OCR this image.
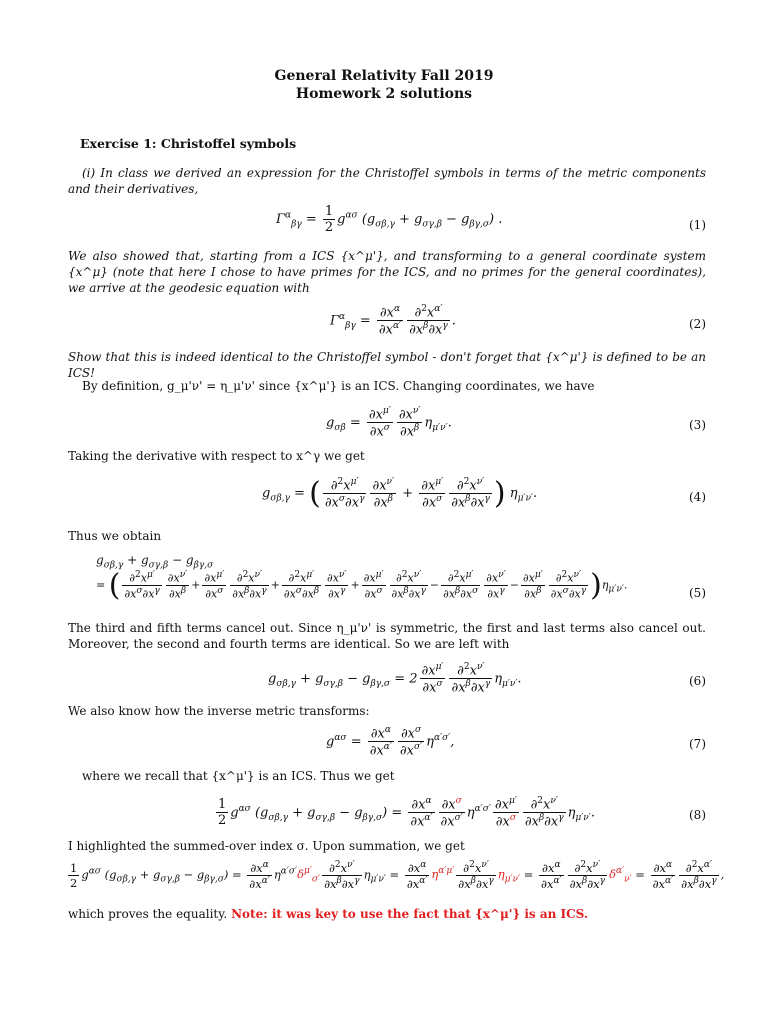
General Relativity Fall 2019
Homework 2 solutions
Exercise 1: Christoffel symbols
(i) In class we derived an expression for the Christoffel symbols in terms of the metric components and their derivatives,
$\Gamma^\alpha_{\beta\gamma} = \frac{1}{2} g^{\alpha\sigma}$ $(g_{\sigma\beta,\gamma} + g_{\sigma\gamma,\beta} - g_{\beta\gamma,\sigma})$ .	(1)
We also showed that, starting from a ICS {x^μ'}, and transforming to a general coordinate system {x^μ} (note that here I chose to have primes for the ICS, and no primes for the general coordinates), we arrive at the geodesic equation with
$\Gamma^\alpha_{\beta\gamma} = \frac{\partial x^\alpha}{\partial x^{\alpha'}} \frac{\partial^2x^{\alpha'}}{\partial x^\beta\partial x^\gamma}$ .	(2)
Show that this is indeed identical to the Christoffel symbol - don't forget that {x^μ'} is defined to be an ICS!
By definition, g_μ'ν' = η_μ'ν' since {x^μ'} is an ICS. Changing coordinates, we have
$g_{\sigma\beta} = \frac{\partial x^{\mu'}}{\partial x^\sigma} \frac{\partial x^{\nu'}}{\partial x^\beta} \eta_{\mu'\nu'}$.	(3)
Taking the derivative with respect to x^γ we get
$g_{\sigma\beta,\gamma}$ = ( $\frac{\partial^2x^{\mu'}}{\partial x^\sigma\partial x^\gamma} \frac{\partial x^{\nu'}}{\partial x^\beta} + \frac{\partial x^{\mu'}}{\partial x^\sigma} \frac{\partial^2x^{\nu'}}{\partial x^\beta\partial x^\gamma}$ ) $\eta_{\mu'\nu'}$.	(4)
Thus we obtain
$g_{\sigma\beta,\gamma} + g_{\sigma\gamma,\beta} - g_{\beta\gamma,\sigma}$
= ( $\frac{\partial^2x^{\mu'}}{\partial x^\sigma\partial x^\gamma} \frac{\partial x^{\nu'}}{\partial x^\beta} + \frac{\partial x^{\mu'}}{\partial x^\sigma} \frac{\partial^2x^{\nu'}}{\partial x^\beta\partial x^\gamma} + \frac{\partial^2x^{\mu'}}{\partial x^\sigma\partial x^\beta} \frac{\partial x^{\nu'}}{\partial x^\gamma} + \frac{\partial x^{\mu'}}{\partial x^\sigma} \frac{\partial^2x^{\nu'}}{\partial x^\beta\partial x^\gamma} - \frac{\partial^2x^{\mu'}}{\partial x^\beta\partial x^\sigma} \frac{\partial x^{\nu'}}{\partial x^\gamma} - \frac{\partial x^{\mu'}}{\partial x^\beta} \frac{\partial^2x^{\nu'}}{\partial x^\sigma\partial x^\gamma} )\eta_{\mu'\nu'}$.
(5)
The third and fifth terms cancel out. Since η_μ'ν' is symmetric, the first and last terms also cancel out. Moreover, the second and fourth terms are identical. So we are left with
$g_{\sigma\beta,\gamma} + g_{\sigma\gamma,\beta} - g_{\beta\gamma,\sigma} = 2 \frac{\partial x^{\mu'}}{\partial x^\sigma} \frac{\partial^2x^{\nu'}}{\partial x^\beta\partial x^\gamma} \eta_{\mu'\nu'}$.	(6)
We also know how the inverse metric transforms:
$g^{\alpha\sigma} = \frac{\partial x^\alpha}{\partial x^{\alpha'}} \frac{\partial x^\sigma}{\partial x^{\sigma'}} \eta^{\alpha'\sigma'}$,	(7)
where we recall that {x^μ'} is an ICS. Thus we get
$\frac{1}{2} g^{\alpha\sigma}$ $(g_{\sigma\beta,\gamma} + g_{\sigma\gamma,\beta} - g_{\beta\gamma,\sigma}) = \frac{\partial x^\alpha}{\partial x^{\alpha'}} \frac{\partial x^\sigma}{\partial x^{\sigma'}} \eta^{\alpha'\sigma'} \frac{\partial x^{\mu'}}{\partial x^\sigma} \frac{\partial^2x^{\nu'}}{\partial x^\beta\partial x^\gamma} \eta_{\mu'\nu'}$.	(8)
I highlighted the summed-over index σ. Upon summation, we get
$\frac{1}{2} g^{\alpha\sigma}$ $(g_{\sigma\beta,\gamma} + g_{\sigma\gamma,\beta} - g_{\beta\gamma,\sigma}) = \frac{\partial x^\alpha}{\partial x^{\alpha'}} \eta^{\alpha'\sigma'}\delta^{\mu'}_{\sigma'} \frac{\partial^2x^{\nu'}}{\partial x^\beta\partial x^\gamma} \eta_{\mu'\nu'} = \frac{\partial x^\alpha}{\partial x^{\alpha'}} \eta^{\alpha'\mu'} \frac{\partial^2x^{\nu'}}{\partial x^\beta\partial x^\gamma} \eta_{\mu'\nu'} = \frac{\partial x^\alpha}{\partial x^{\alpha'}} \frac{\partial^2x^{\nu'}}{\partial x^\beta\partial x^\gamma} \delta^{\alpha'}_{\nu'} = \frac{\partial x^\alpha}{\partial x^{\alpha'}} \frac{\partial^2x^{\alpha'}}{\partial x^\beta\partial x^\gamma}$ ,
which proves the equality. Note: it was key to use the fact that {x^μ'} is an ICS.
